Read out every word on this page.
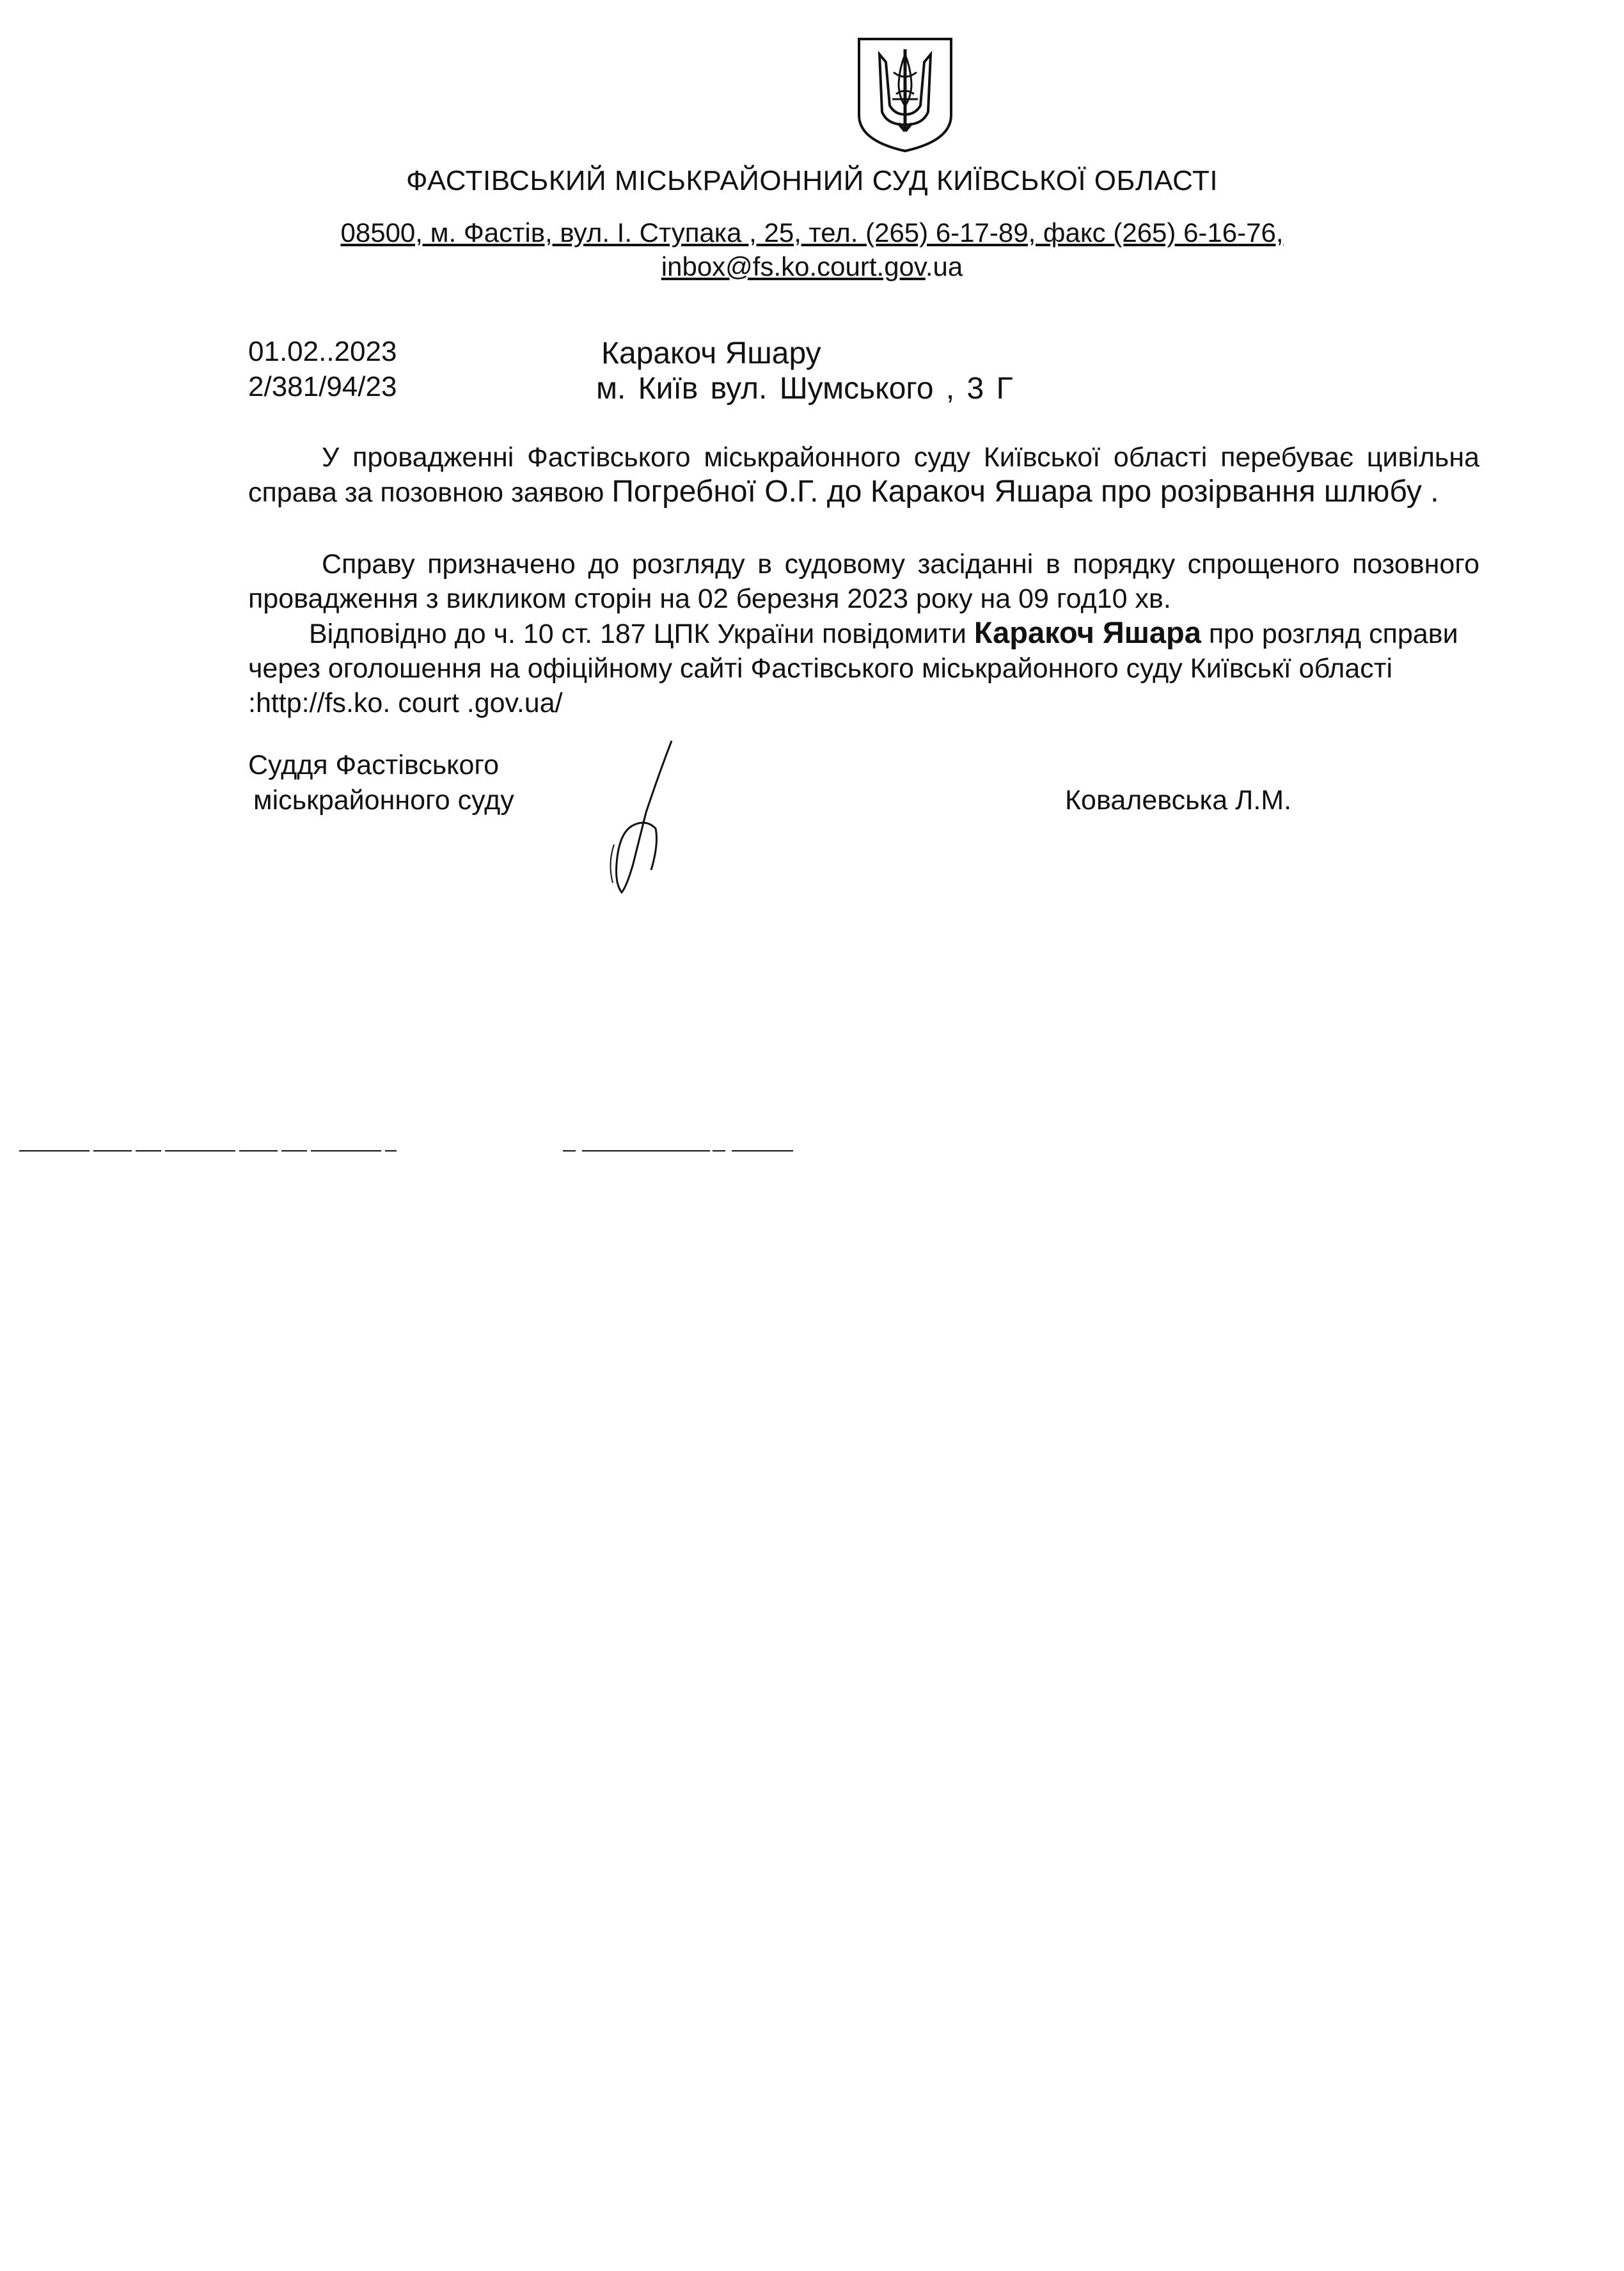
ФАСТІВСЬКИЙ МІСЬКРАЙОННИЙ СУД КИЇВСЬКОЇ ОБЛАСТІ
08500, м. Фастів, вул. І. Ступака , 25, тел. (265) 6-17-89, факс (265) 6-16-76,
inbox@fs.ko.court.gov.ua
01.02..2023
2/381/94/23
Каракоч Яшару
м. Київ вул. Шумського , 3 Г

У провадженні Фастівського міськрайонного суду Київської області перебуває цивільна справа за позовною заявою Погребної О.Г. до Каракоч Яшара про розірвання шлюбу .

Справу призначено до розгляду в судовому засіданні в порядку спрощеного позовного провадження з викликом сторін на 02 березня 2023 року на 09 год10 хв.

Відповідно до ч. 10 ст. 187 ЦПК України повідомити Каракоч Яшара про розгляд справи через оголошення на офіційному сайті Фастівського міськрайонного суду Київськї області :http://fs.ko. court .gov.ua/

Суддя Фастівського
міськрайонного суду	Ковалевська Л.М.
